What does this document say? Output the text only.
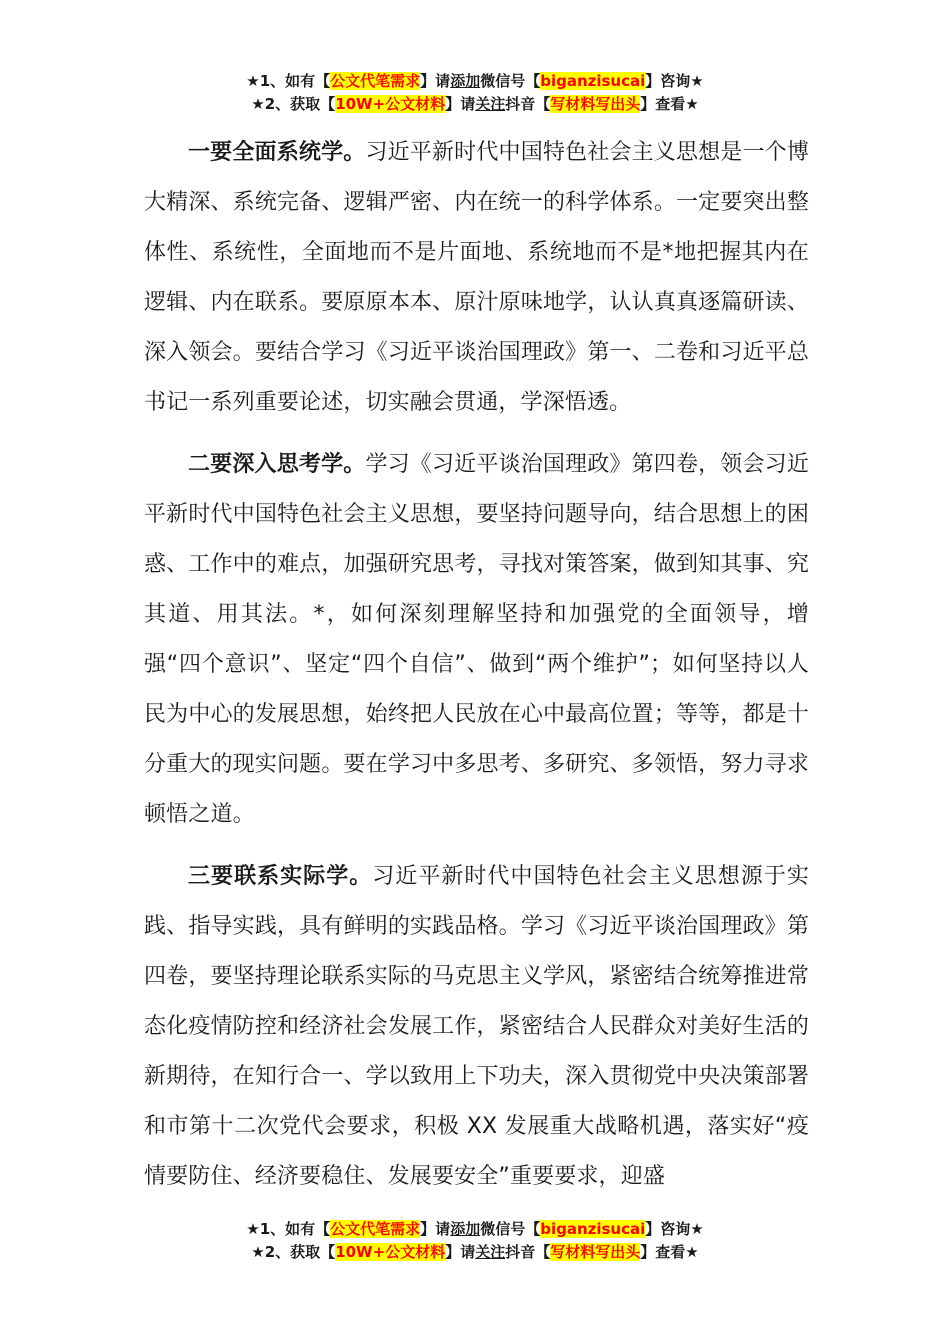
★1、如有【公文代笔需求】请添加微信号【biganzisucai】咨询★
★2、获取【10W+公文材料】请关注抖音【写材料写出头】查看★

一要全面系统学。习近平新时代中国特色社会主义思想是一个博大精深、系统完备、逻辑严密、内在统一的科学体系。一定要突出整体性、系统性，全面地而不是片面地、系统地而不是*地把握其内在逻辑、内在联系。要原原本本、原汁原味地学，认认真真逐篇研读、深入领会。要结合学习《习近平谈治国理政》第一、二卷和习近平总书记一系列重要论述，切实融会贯通，学深悟透。

二要深入思考学。学习《习近平谈治国理政》第四卷，领会习近平新时代中国特色社会主义思想，要坚持问题导向，结合思想上的困惑、工作中的难点，加强研究思考，寻找对策答案，做到知其事、究其道、用其法。*，如何深刻理解坚持和加强党的全面领导，增强“四个意识”、坚定“四个自信”、做到“两个维护”；如何坚持以人民为中心的发展思想，始终把人民放在心中最高位置；等等，都是十分重大的现实问题。要在学习中多思考、多研究、多领悟，努力寻求顿悟之道。

三要联系实际学。习近平新时代中国特色社会主义思想源于实践、指导实践，具有鲜明的实践品格。学习《习近平谈治国理政》第四卷，要坚持理论联系实际的马克思主义学风，紧密结合统筹推进常态化疫情防控和经济社会发展工作，紧密结合人民群众对美好生活的新期待，在知行合一、学以致用上下功夫，深入贯彻党中央决策部署和市第十二次党代会要求，积极 XX 发展重大战略机遇，落实好“疫情要防住、经济要稳住、发展要安全”重要要求，迎盛

★1、如有【公文代笔需求】请添加微信号【biganzisucai】咨询★
★2、获取【10W+公文材料】请关注抖音【写材料写出头】查看★
